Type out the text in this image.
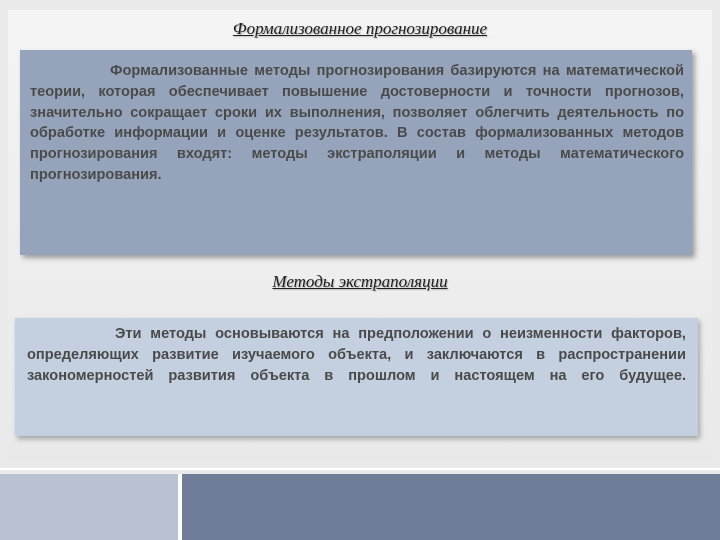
Формализованное прогнозирование

Формализованные методы прогнозирования базируются на математической теории, которая обеспечивает повышение достоверности и точности прогнозов, значительно сокращает сроки их выполнения, позволяет облегчить деятельность по обработке информации и оценке результатов. В состав формализованных методов прогнозирования входят: методы экстраполяции и методы математического прогнозирования.

Методы экстраполяции

Эти методы основываются на предположении о неизменности факторов, определяющих развитие изучаемого объекта, и заключаются в распространении закономерностей развития объекта в прошлом и настоящем на его будущее.
